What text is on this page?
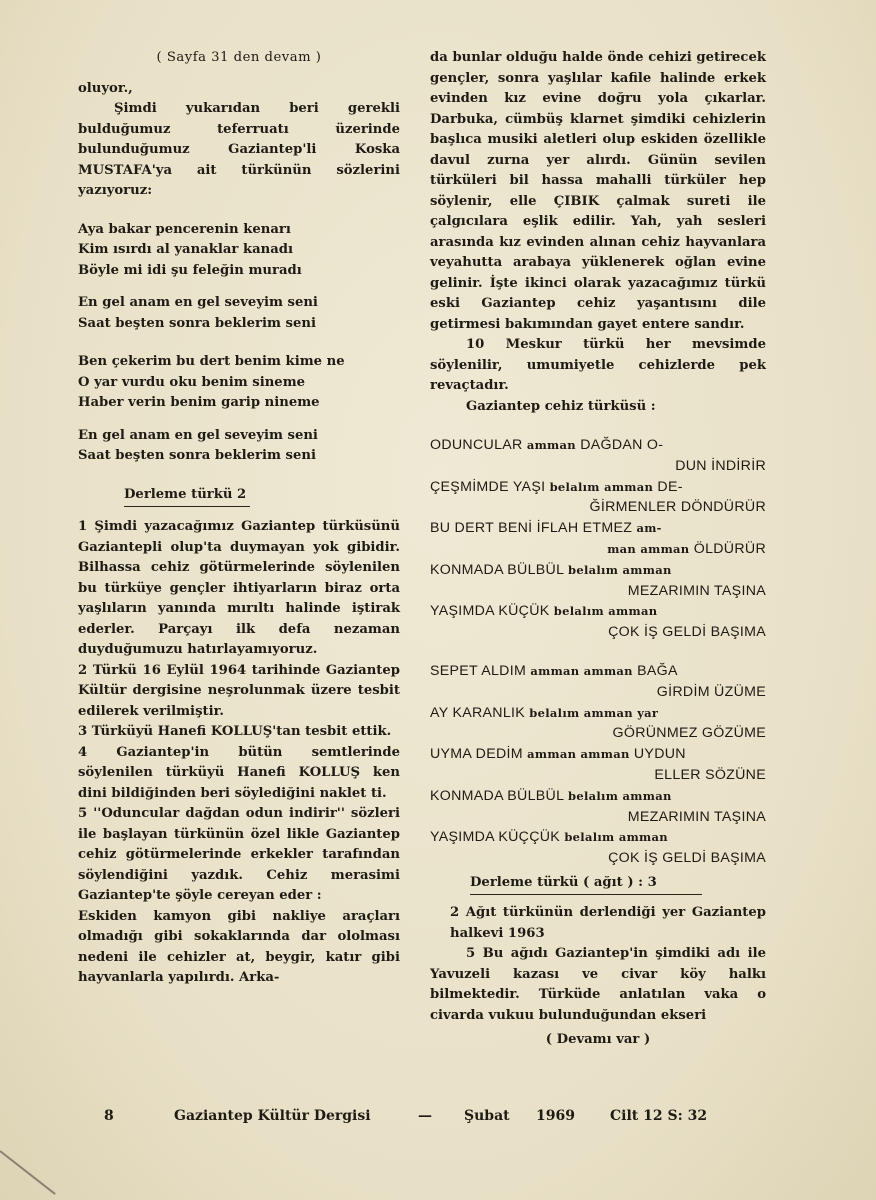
( Sayfa 31 den devam )

oluyor.,

Şimdi yukarıdan beri gerekli bulduğumuz teferruatı üzerinde bulunduğumuz Gaziantep'li Koska MUSTAFA'ya ait türkünün sözlerini yazıyoruz:

Aya bakar pencerenin kenarı
Kim ısırdı al yanaklar kanadı
Böyle mi idi şu feleğin muradı
En gel anam en gel seveyim seni
Saat beşten sonra beklerim seni
Ben çekerim bu dert benim kime ne
O yar vurdu oku benim sineme
Haber verin benim garip nineme
En gel anam en gel seveyim seni
Saat beşten sonra beklerim seni
Derleme türkü 2

1 Şimdi yazacağımız Gaziantep türküsünü Gaziantepli olup'ta duymayan yok gibidir. Bilhassa cehiz götürmelerinde söylenilen bu türküye gençler ihtiyarların biraz orta yaşlıların yanında mırıltı halinde iştirak ederler. Parçayı ilk defa nezaman duyduğumuzu hatırlayamıyoruz.

2 Türkü 16 Eylül 1964 tarihinde Gaziantep Kültür dergisine neşrolunmak üzere tesbit edilerek verilmiştir.

3 Türküyü Hanefi KOLLUŞ'tan tesbit ettik.

4 Gaziantep'in bütün semtlerinde söylenilen türküyü Hanefi KOLLUŞ ken dini bildiğinden beri söylediğini naklet ti.

5 ''Oduncular dağdan odun indirir'' sözleri ile başlayan türkünün özel likle Gaziantep cehiz götürmelerinde erkekler tarafından söylendiğini yazdık. Cehiz merasimi Gaziantep'te şöyle cereyan eder :

Eskiden kamyon gibi nakliye araçları olmadığı gibi sokaklarında dar ololması nedeni ile cehizler at, beygir, katır gibi hayvanlarla yapılırdı. Arka-

da bunlar olduğu halde önde cehizi getirecek gençler, sonra yaşlılar kafile halinde erkek evinden kız evine doğru yola çıkarlar. Darbuka, cümbüş klarnet şimdiki cehizlerin başlıca musiki aletleri olup eskiden özellikle davul zurna yer alırdı. Günün sevilen türküleri bil hassa mahalli türküler hep söylenir, elle ÇIBIK çalmak sureti ile çalgıcılara eşlik edilir. Yah, yah sesleri arasında kız evinden alınan cehiz hayvanlara veyahutta arabaya yüklenerek oğlan evine gelinir. İşte ikinci olarak yazacağımız türkü eski Gaziantep cehiz yaşantısını dile getirmesi bakımından gayet entere sandır.

10 Meskur türkü her mevsimde söylenilir, umumiyetle cehizlerde pek revaçtadır.

Gaziantep cehiz türküsü :

ODUNCULAR amman DAĞDAN O-

DUN İNDİRİR

ÇEŞMİMDE YAŞI belalım amman DE-

ĞİRMENLER DÖNDÜRÜR

BU DERT BENİ İFLAH ETMEZ am-

man amman ÖLDÜRÜR

KONMADA BÜLBÜL belalım amman

MEZARIMIN TAŞINA

YAŞIMDA KÜÇÜK belalım amman

ÇOK İŞ GELDİ BAŞIMA

SEPET ALDIM amman amman BAĞA

GİRDİM ÜZÜME

AY KARANLIK belalım amman yar

GÖRÜNMEZ GÖZÜME

UYMA DEDİM amman amman UYDUN

ELLER SÖZÜNE

KONMADA BÜLBÜL belalım amman

MEZARIMIN TAŞINA

YAŞIMDA KÜÇÇÜK belalım amman

ÇOK İŞ GELDİ BAŞIMA

Derleme türkü ( ağıt ) : 3

2 Ağıt türkünün derlendiği yer Gaziantep halkevi 1963

5 Bu ağıdı Gaziantep'in şimdiki adı ile Yavuzeli kazası ve civar köy halkı bilmektedir. Türküde anlatılan vaka o civarda vukuu bulunduğundan ekseri

( Devamı var )
8	Gaziantep Kültür Dergisi	— Şubat 1969	Cilt 12 S: 32
